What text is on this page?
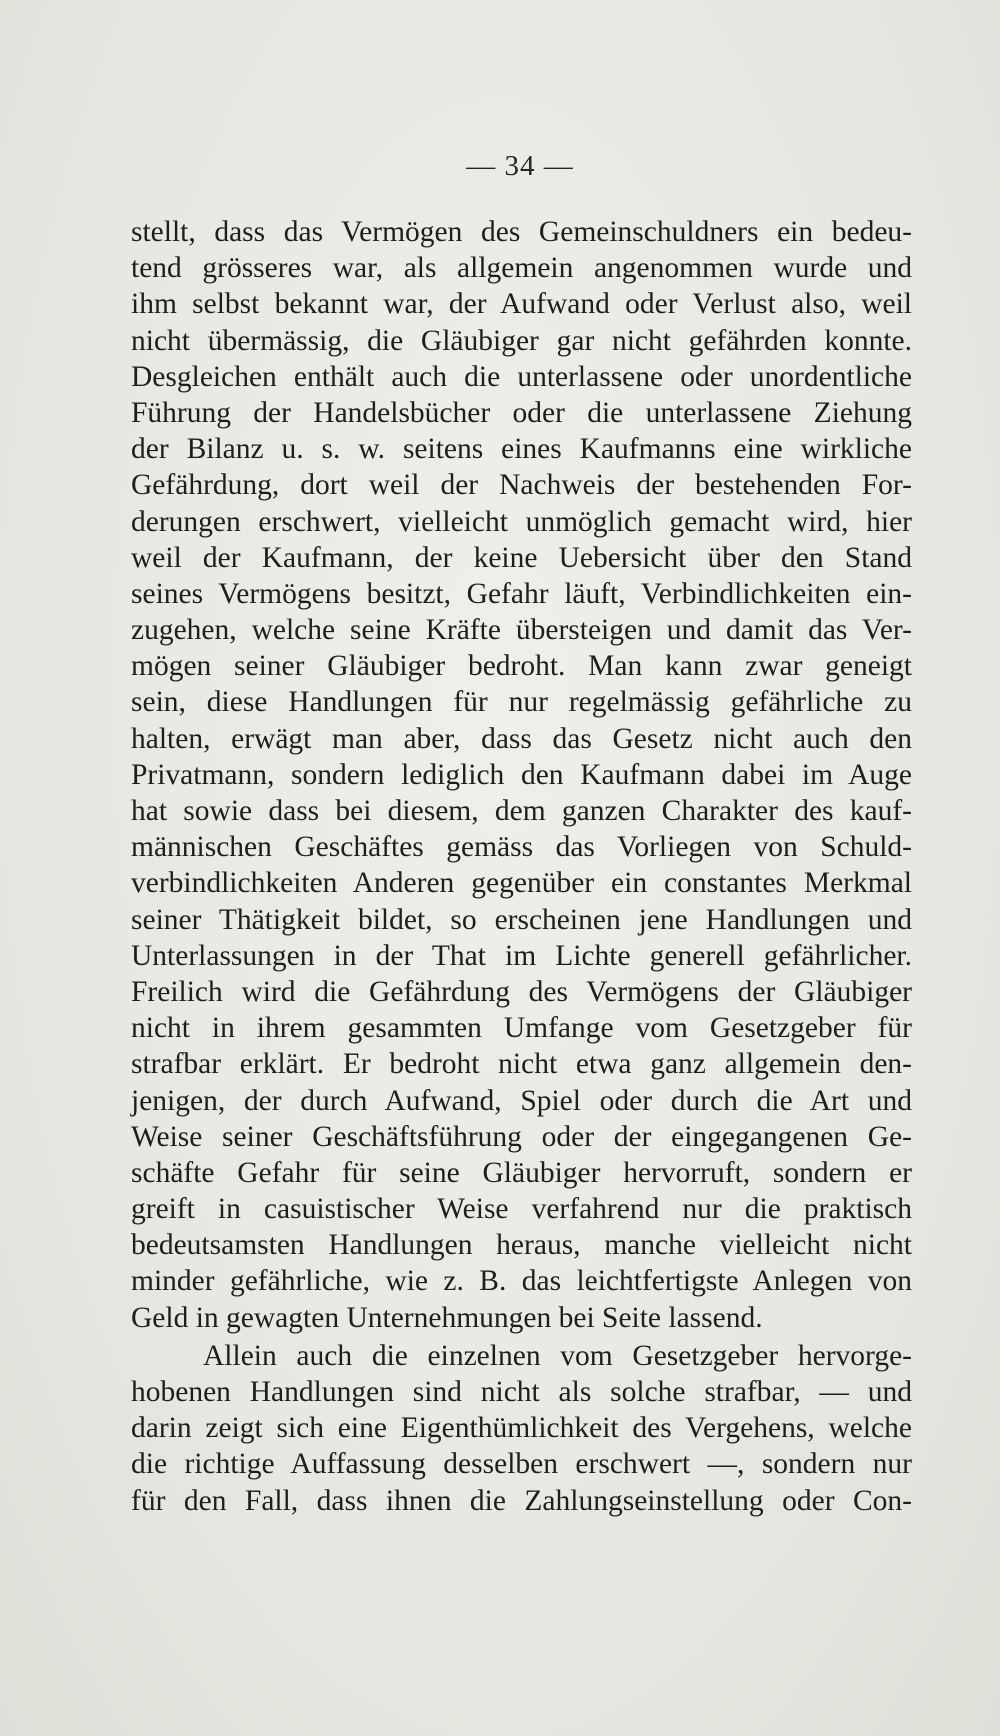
— 34 —
stellt, dass das Vermögen des Gemeinschuldners ein bedeu-
tend grösseres war, als allgemein angenommen wurde und
ihm selbst bekannt war, der Aufwand oder Verlust also, weil
nicht übermässig, die Gläubiger gar nicht gefährden konnte.
Desgleichen enthält auch die unterlassene oder unordentliche
Führung der Handelsbücher oder die unterlassene Ziehung
der Bilanz u. s. w. seitens eines Kaufmanns eine wirkliche
Gefährdung, dort weil der Nachweis der bestehenden For-
derungen erschwert, vielleicht unmöglich gemacht wird, hier
weil der Kaufmann, der keine Uebersicht über den Stand
seines Vermögens besitzt, Gefahr läuft, Verbindlichkeiten ein-
zugehen, welche seine Kräfte übersteigen und damit das Ver-
mögen seiner Gläubiger bedroht. Man kann zwar geneigt
sein, diese Handlungen für nur regelmässig gefährliche zu
halten, erwägt man aber, dass das Gesetz nicht auch den
Privatmann, sondern lediglich den Kaufmann dabei im Auge
hat sowie dass bei diesem, dem ganzen Charakter des kauf-
männischen Geschäftes gemäss das Vorliegen von Schuld-
verbindlichkeiten Anderen gegenüber ein constantes Merkmal
seiner Thätigkeit bildet, so erscheinen jene Handlungen und
Unterlassungen in der That im Lichte generell gefährlicher.
Freilich wird die Gefährdung des Vermögens der Gläubiger
nicht in ihrem gesammten Umfange vom Gesetzgeber für
strafbar erklärt. Er bedroht nicht etwa ganz allgemein den-
jenigen, der durch Aufwand, Spiel oder durch die Art und
Weise seiner Geschäftsführung oder der eingegangenen Ge-
schäfte Gefahr für seine Gläubiger hervorruft, sondern er
greift in casuistischer Weise verfahrend nur die praktisch
bedeutsamsten Handlungen heraus, manche vielleicht nicht
minder gefährliche, wie z. B. das leichtfertigste Anlegen von
Geld in gewagten Unternehmungen bei Seite lassend.
Allein auch die einzelnen vom Gesetzgeber hervorge-
hobenen Handlungen sind nicht als solche strafbar, — und
darin zeigt sich eine Eigenthümlichkeit des Vergehens, welche
die richtige Auffassung desselben erschwert —, sondern nur
für den Fall, dass ihnen die Zahlungseinstellung oder Con-
